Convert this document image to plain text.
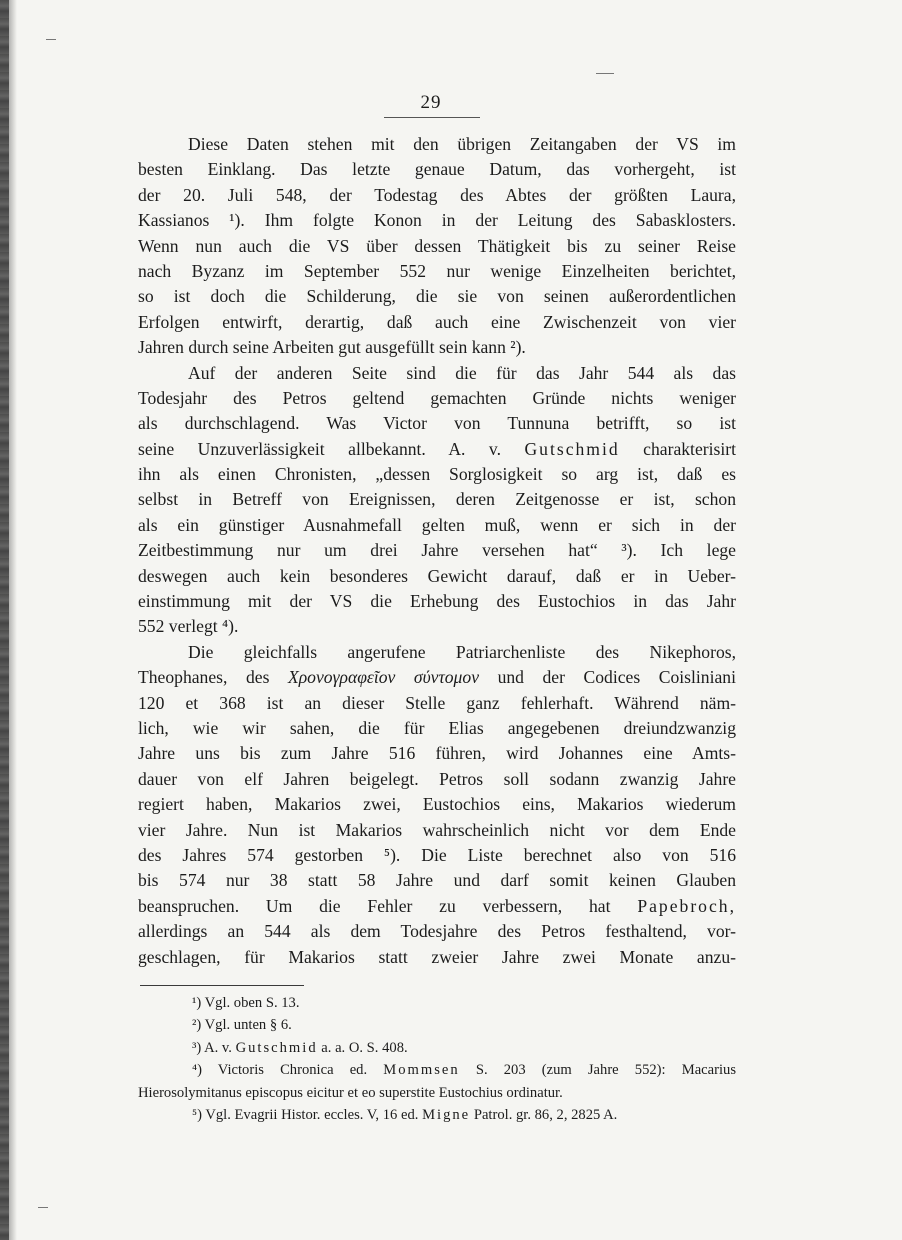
29
Diese Daten stehen mit den übrigen Zeitangaben der VS im
besten Einklang. Das letzte genaue Datum, das vorhergeht, ist
der 20. Juli 548, der Todestag des Abtes der größten Laura,
Kassianos ¹). Ihm folgte Konon in der Leitung des Sabasklosters.
Wenn nun auch die VS über dessen Thätigkeit bis zu seiner Reise
nach Byzanz im September 552 nur wenige Einzelheiten berichtet,
so ist doch die Schilderung, die sie von seinen außerordentlichen
Erfolgen entwirft, derartig, daß auch eine Zwischenzeit von vier
Jahren durch seine Arbeiten gut ausgefüllt sein kann ²).
Auf der anderen Seite sind die für das Jahr 544 als das
Todesjahr des Petros geltend gemachten Gründe nichts weniger
als durchschlagend. Was Victor von Tunnuna betrifft, so ist
seine Unzuverlässigkeit allbekannt. A. v. Gutschmid charakterisirt
ihn als einen Chronisten, „dessen Sorglosigkeit so arg ist, daß es
selbst in Betreff von Ereignissen, deren Zeitgenosse er ist, schon
als ein günstiger Ausnahmefall gelten muß, wenn er sich in der
Zeitbestimmung nur um drei Jahre versehen hat“ ³). Ich lege
deswegen auch kein besonderes Gewicht darauf, daß er in Ueber-
einstimmung mit der VS die Erhebung des Eustochios in das Jahr
552 verlegt ⁴).
Die gleichfalls angerufene Patriarchenliste des Nikephoros,
Theophanes, des Χρονογραφεῖον σύντομον und der Codices Coisliniani
120 et 368 ist an dieser Stelle ganz fehlerhaft. Während näm-
lich, wie wir sahen, die für Elias angegebenen dreiundzwanzig
Jahre uns bis zum Jahre 516 führen, wird Johannes eine Amts-
dauer von elf Jahren beigelegt. Petros soll sodann zwanzig Jahre
regiert haben, Makarios zwei, Eustochios eins, Makarios wiederum
vier Jahre. Nun ist Makarios wahrscheinlich nicht vor dem Ende
des Jahres 574 gestorben ⁵). Die Liste berechnet also von 516
bis 574 nur 38 statt 58 Jahre und darf somit keinen Glauben
beanspruchen. Um die Fehler zu verbessern, hat Papebroch,
allerdings an 544 als dem Todesjahre des Petros festhaltend, vor-
geschlagen, für Makarios statt zweier Jahre zwei Monate anzu-
¹) Vgl. oben S. 13.
²) Vgl. unten § 6.
³) A. v. Gutschmid a. a. O. S. 408.
⁴) Victoris Chronica ed. Mommsen S. 203 (zum Jahre 552): Macarius
Hierosolymitanus episcopus eicitur et eo superstite Eustochius ordinatur.
⁵) Vgl. Evagrii Histor. eccles. V, 16 ed. Migne Patrol. gr. 86, 2, 2825 A.
